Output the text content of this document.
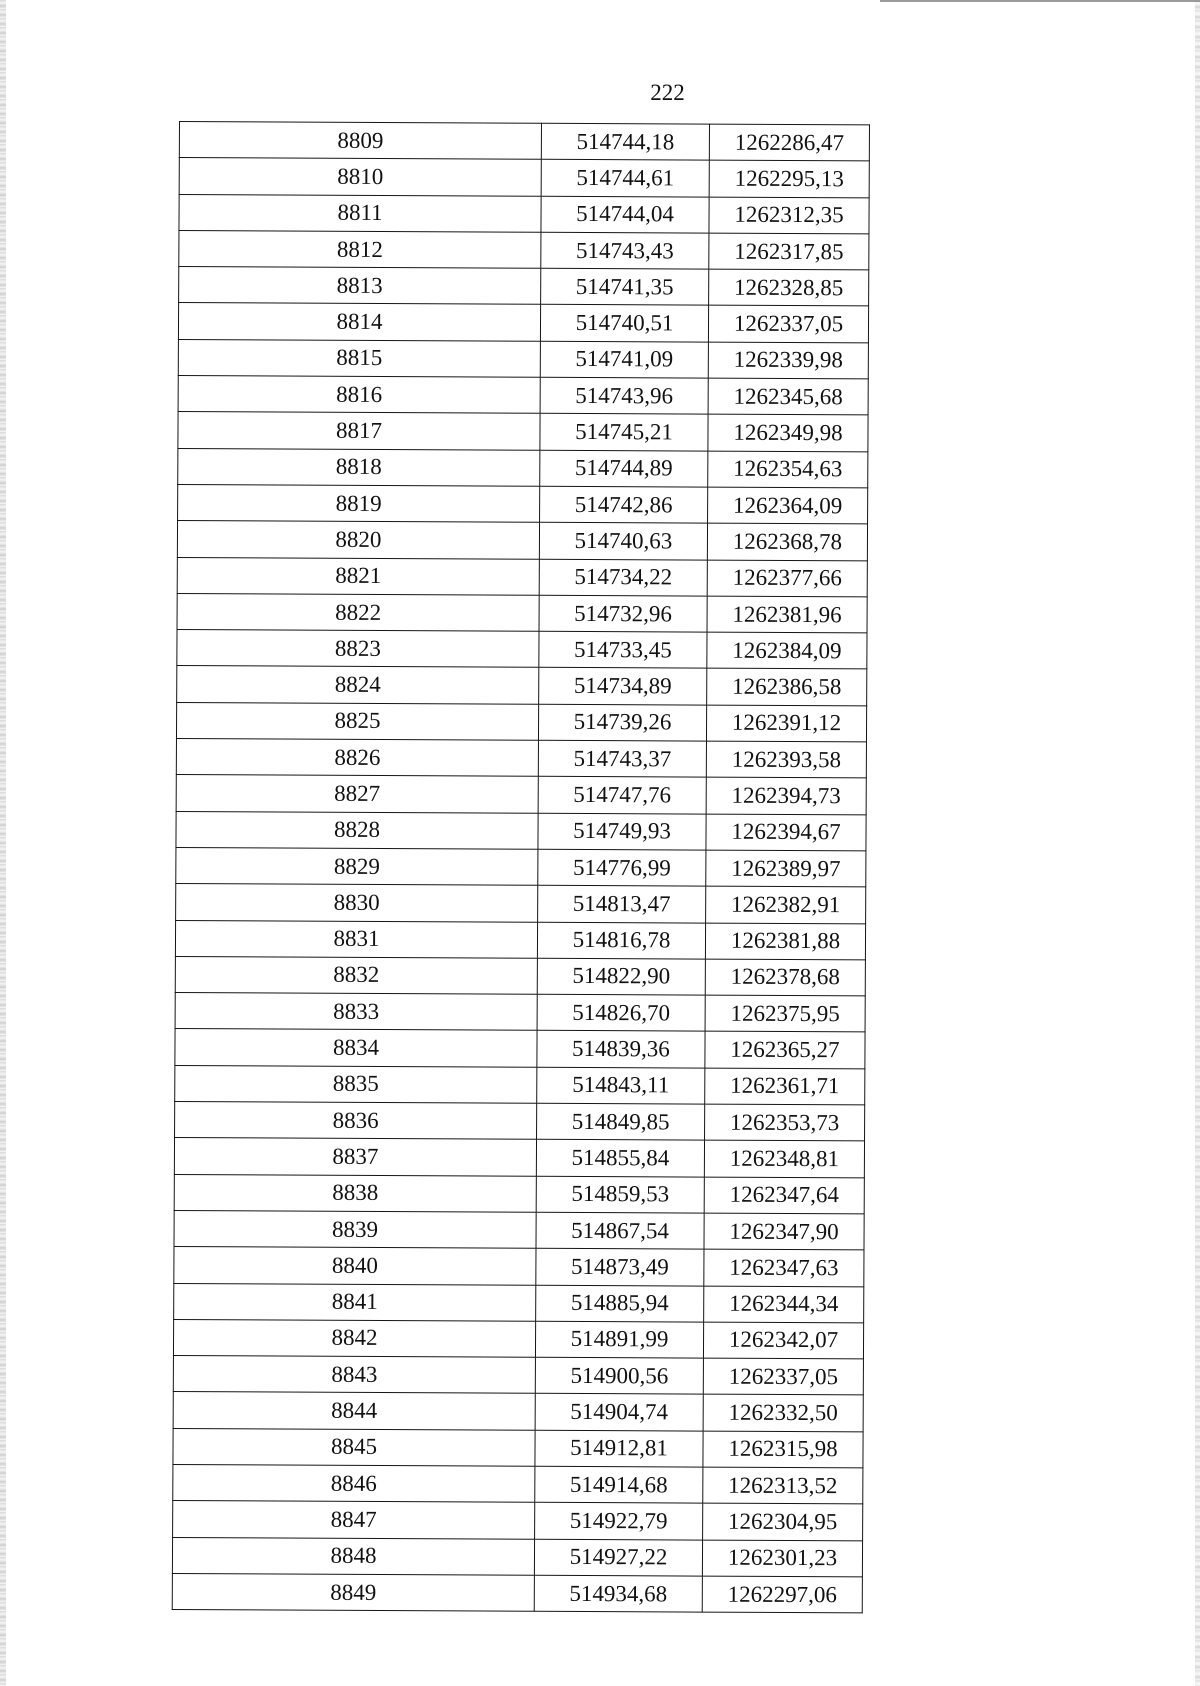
222
8809	514744,18	1262286,47
8810	514744,61	1262295,13
8811	514744,04	1262312,35
8812	514743,43	1262317,85
8813	514741,35	1262328,85
8814	514740,51	1262337,05
8815	514741,09	1262339,98
8816	514743,96	1262345,68
8817	514745,21	1262349,98
8818	514744,89	1262354,63
8819	514742,86	1262364,09
8820	514740,63	1262368,78
8821	514734,22	1262377,66
8822	514732,96	1262381,96
8823	514733,45	1262384,09
8824	514734,89	1262386,58
8825	514739,26	1262391,12
8826	514743,37	1262393,58
8827	514747,76	1262394,73
8828	514749,93	1262394,67
8829	514776,99	1262389,97
8830	514813,47	1262382,91
8831	514816,78	1262381,88
8832	514822,90	1262378,68
8833	514826,70	1262375,95
8834	514839,36	1262365,27
8835	514843,11	1262361,71
8836	514849,85	1262353,73
8837	514855,84	1262348,81
8838	514859,53	1262347,64
8839	514867,54	1262347,90
8840	514873,49	1262347,63
8841	514885,94	1262344,34
8842	514891,99	1262342,07
8843	514900,56	1262337,05
8844	514904,74	1262332,50
8845	514912,81	1262315,98
8846	514914,68	1262313,52
8847	514922,79	1262304,95
8848	514927,22	1262301,23
8849	514934,68	1262297,06
